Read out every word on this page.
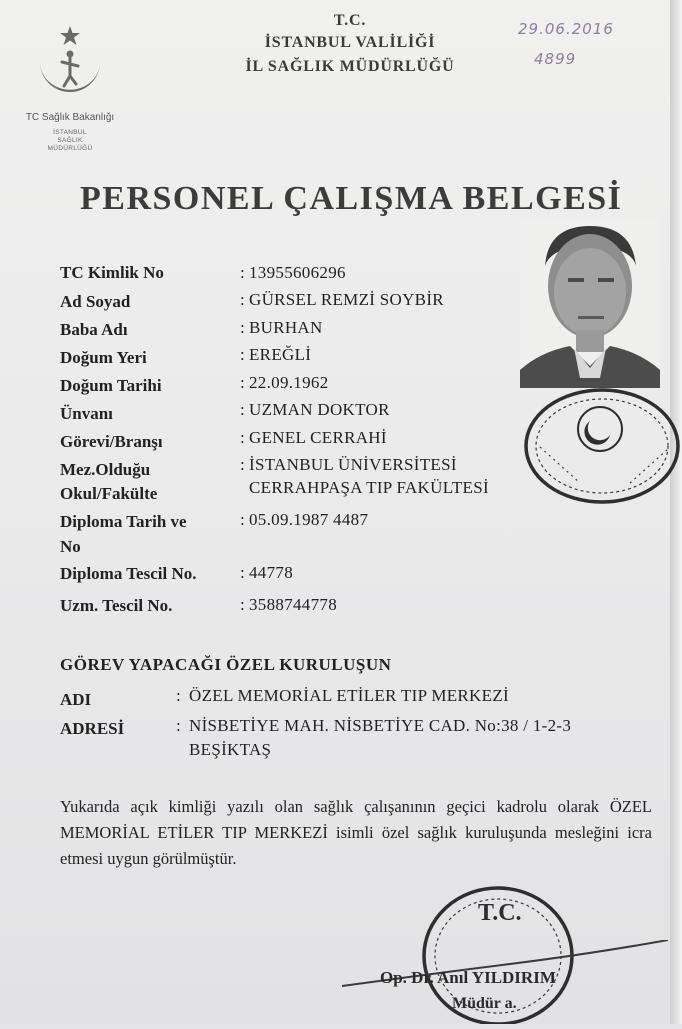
TC Sağlık Bakanlığı
İSTANBUL
SAĞLIK
MÜDÜRLÜĞÜ
T.C.
İSTANBUL VALİLİĞİ
İL SAĞLIK MÜDÜRLÜĞÜ
29.06.2016
4899
PERSONEL ÇALIŞMA BELGESİ
TC Kimlik No	: 13955606296
Ad Soyad	: GÜRSEL REMZİ SOYBİR
Baba Adı	: BURHAN
Doğum Yeri	: EREĞLİ
Doğum Tarihi	: 22.09.1962
Ünvanı	: UZMAN DOKTOR
Görevi/Branşı	: GENEL CERRAHİ
Mez.Olduğu
Okul/Fakülte
: İSTANBUL ÜNİVERSİTESİ
CERRAHPAŞA TIP FAKÜLTESİ
Diploma Tarih ve
No
: 05.09.1987 4487
Diploma Tescil No.	: 44778
Uzm. Tescil No.	: 3588744778
GÖREV YAPACAĞI ÖZEL KURULUŞUN
ADI	: ÖZEL MEMORİAL ETİLER TIP MERKEZİ
ADRESİ	: NİSBETİYE MAH. NİSBETİYE CAD. No:38 / 1-2-3
BEŞİKTAŞ
Yukarıda açık kimliği yazılı olan sağlık çalışanının geçici kadrolu olarak ÖZEL MEMORİAL ETİLER TIP MERKEZİ isimli özel sağlık kuruluşunda mesleğini icra etmesi uygun görülmüştür.
T.C.
Op. Dr. Anıl YILDIRIM
Müdür a.
